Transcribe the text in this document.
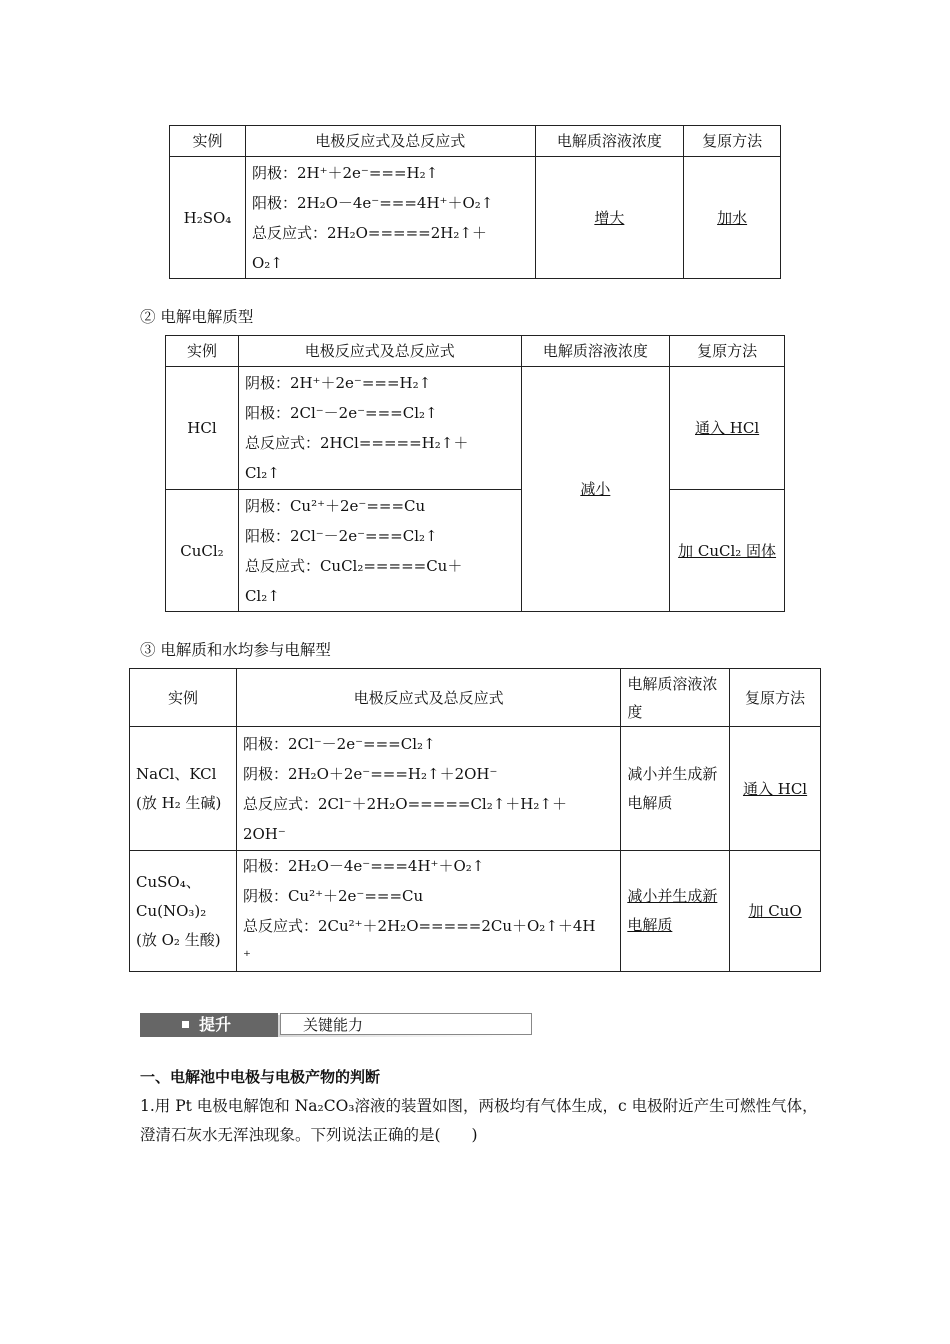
实例	电极反应式及总反应式	电解质溶液浓度	复原方法
H₂SO₄	阴极：2H⁺＋2e⁻===H₂↑
阳极：2H₂O－4e⁻===4H⁺＋O₂↑
总反应式：2H₂O=====2H₂↑＋
O₂↑	增大	加水
② 电解电解质型
实例	电极反应式及总反应式	电解质溶液浓度	复原方法
HCl	阴极：2H⁺＋2e⁻===H₂↑
阳极：2Cl⁻－2e⁻===Cl₂↑
总反应式：2HCl=====H₂↑＋
Cl₂↑	减小	通入 HCl
CuCl₂	阴极：Cu²⁺＋2e⁻===Cu
阳极：2Cl⁻－2e⁻===Cl₂↑
总反应式：CuCl₂=====Cu＋
Cl₂↑		加 CuCl₂ 固体
③ 电解质和水均参与电解型
实例	电极反应式及总反应式	电解质溶液浓度	复原方法
NaCl、KCl (放 H₂ 生碱)	阳极：2Cl⁻－2e⁻===Cl₂↑
阴极：2H₂O＋2e⁻===H₂↑＋2OH⁻
总反应式：2Cl⁻＋2H₂O=====Cl₂↑＋H₂↑＋
2OH⁻	减小并生成新电解质	通入 HCl
CuSO₄、Cu(NO₃)₂ (放 O₂ 生酸)	阳极：2H₂O－4e⁻===4H⁺＋O₂↑
阴极：Cu²⁺＋2e⁻===Cu
总反应式：2Cu²⁺＋2H₂O=====2Cu＋O₂↑＋4H
⁺	减小并生成新电解质	加 CuO
提升	关键能力
一、电解池中电极与电极产物的判断
1.用 Pt 电极电解饱和 Na₂CO₃溶液的装置如图，两极均有气体生成，c 电极附近产生可燃性气体，澄清石灰水无浑浊现象。下列说法正确的是(　　)
